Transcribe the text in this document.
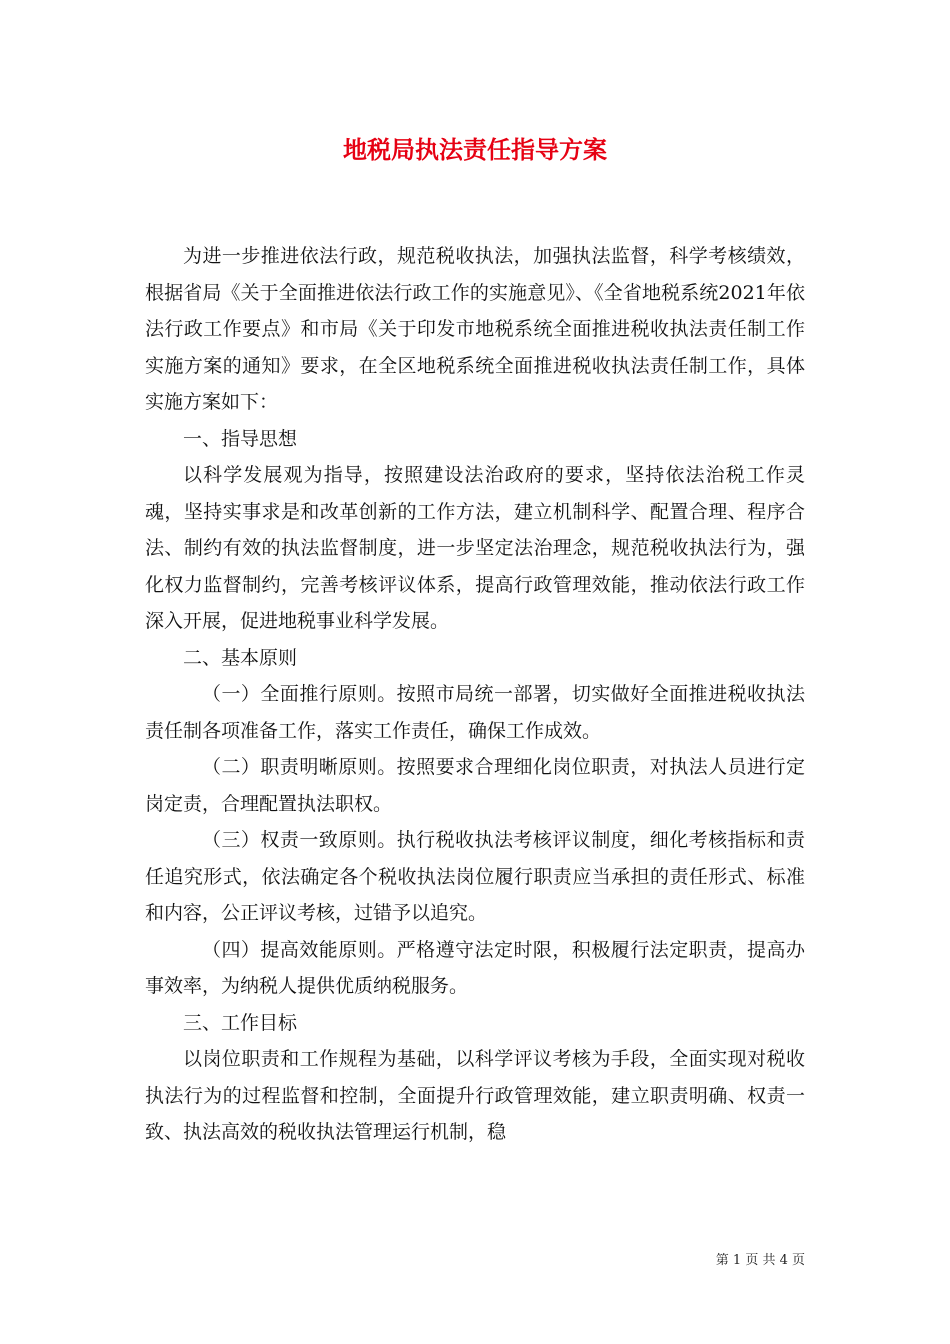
地税局执法责任指导方案

为进一步推进依法行政，规范税收执法，加强执法监督，科学考核绩效，根据省局《关于全面推进依法行政工作的实施意见》、《全省地税系统2021年依法行政工作要点》和市局《关于印发市地税系统全面推进税收执法责任制工作实施方案的通知》要求，在全区地税系统全面推进税收执法责任制工作，具体实施方案如下：

一、指导思想

以科学发展观为指导，按照建设法治政府的要求，坚持依法治税工作灵魂，坚持实事求是和改革创新的工作方法，建立机制科学、配置合理、程序合法、制约有效的执法监督制度，进一步坚定法治理念，规范税收执法行为，强化权力监督制约，完善考核评议体系，提高行政管理效能，推动依法行政工作深入开展，促进地税事业科学发展。

二、基本原则

（一）全面推行原则。按照市局统一部署，切实做好全面推进税收执法责任制各项准备工作，落实工作责任，确保工作成效。

（二）职责明晰原则。按照要求合理细化岗位职责，对执法人员进行定岗定责，合理配置执法职权。

（三）权责一致原则。执行税收执法考核评议制度，细化考核指标和责任追究形式，依法确定各个税收执法岗位履行职责应当承担的责任形式、标准和内容，公正评议考核，过错予以追究。

（四）提高效能原则。严格遵守法定时限，积极履行法定职责，提高办事效率，为纳税人提供优质纳税服务。

三、工作目标

以岗位职责和工作规程为基础，以科学评议考核为手段，全面实现对税收执法行为的过程监督和控制，全面提升行政管理效能，建立职责明确、权责一致、执法高效的税收执法管理运行机制，稳

第 1 页 共 4 页
